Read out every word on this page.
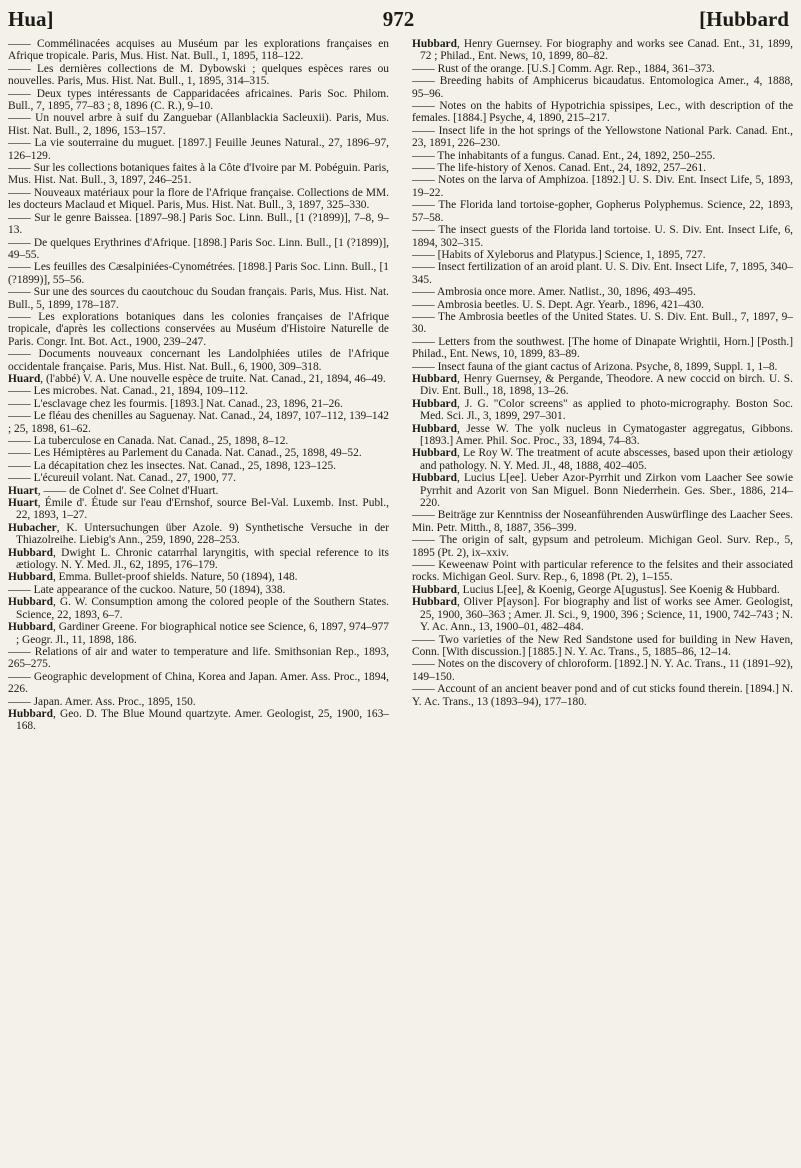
Hua]	972	[Hubbard

—— Commélinacées acquises au Muséum par les explorations françaises en Afrique tropicale. Paris, Mus. Hist. Nat. Bull., 1, 1895, 118–122.

—— Les dernières collections de M. Dybowski ; quelques espèces rares ou nouvelles. Paris, Mus. Hist. Nat. Bull., 1, 1895, 314–315.

—— Deux types intéressants de Capparidacées africaines. Paris Soc. Philom. Bull., 7, 1895, 77–83 ; 8, 1896 (C. R.), 9–10.

—— Un nouvel arbre à suif du Zanguebar (Allanblackia Sacleuxii). Paris, Mus. Hist. Nat. Bull., 2, 1896, 153–157.

—— La vie souterraine du muguet. [1897.] Feuille Jeunes Natural., 27, 1896–97, 126–129.

—— Sur les collections botaniques faites à la Côte d'Ivoire par M. Pobéguin. Paris, Mus. Hist. Nat. Bull., 3, 1897, 246–251.

—— Nouveaux matériaux pour la flore de l'Afrique française. Collections de MM. les docteurs Maclaud et Miquel. Paris, Mus. Hist. Nat. Bull., 3, 1897, 325–330.

—— Sur le genre Baissea. [1897–98.] Paris Soc. Linn. Bull., [1 (?1899)], 7–8, 9–13.

—— De quelques Erythrines d'Afrique. [1898.] Paris Soc. Linn. Bull., [1 (?1899)], 49–55.

—— Les feuilles des Cæsalpiniées-Cynométrées. [1898.] Paris Soc. Linn. Bull., [1 (?1899)], 55–56.

—— Sur une des sources du caoutchouc du Soudan français. Paris, Mus. Hist. Nat. Bull., 5, 1899, 178–187.

—— Les explorations botaniques dans les colonies françaises de l'Afrique tropicale, d'après les collections conservées au Muséum d'Histoire Naturelle de Paris. Congr. Int. Bot. Act., 1900, 239–247.

—— Documents nouveaux concernant les Landolphiées utiles de l'Afrique occidentale française. Paris, Mus. Hist. Nat. Bull., 6, 1900, 309–318.

Huard, (l'abbé) V. A. Une nouvelle espèce de truite. Nat. Canad., 21, 1894, 46–49.

—— Les microbes. Nat. Canad., 21, 1894, 109–112.

—— L'esclavage chez les fourmis. [1893.] Nat. Canad., 23, 1896, 21–26.

—— Le fléau des chenilles au Saguenay. Nat. Canad., 24, 1897, 107–112, 139–142 ; 25, 1898, 61–62.

—— La tuberculose en Canada. Nat. Canad., 25, 1898, 8–12.

—— Les Hémiptères au Parlement du Canada. Nat. Canad., 25, 1898, 49–52.

—— La décapitation chez les insectes. Nat. Canad., 25, 1898, 123–125.

—— L'écureuil volant. Nat. Canad., 27, 1900, 77.

Huart, —— de Colnet d'. See Colnet d'Huart.

Huart, Émile d'. Étude sur l'eau d'Ernshof, source Bel-Val. Luxemb. Inst. Publ., 22, 1893, 1–27.

Hubacher, K. Untersuchungen über Azole. 9) Synthetische Versuche in der Thiazolreihe. Liebig's Ann., 259, 1890, 228–253.

Hubbard, Dwight L. Chronic catarrhal laryngitis, with special reference to its ætiology. N. Y. Med. Jl., 62, 1895, 176–179.

Hubbard, Emma. Bullet-proof shields. Nature, 50 (1894), 148.

—— Late appearance of the cuckoo. Nature, 50 (1894), 338.

Hubbard, G. W. Consumption among the colored people of the Southern States. Science, 22, 1893, 6–7.

Hubbard, Gardiner Greene. For biographical notice see Science, 6, 1897, 974–977 ; Geogr. Jl., 11, 1898, 186.

—— Relations of air and water to temperature and life. Smithsonian Rep., 1893, 265–275.

—— Geographic development of China, Korea and Japan. Amer. Ass. Proc., 1894, 226.

—— Japan. Amer. Ass. Proc., 1895, 150.

Hubbard, Geo. D. The Blue Mound quartzyte. Amer. Geologist, 25, 1900, 163–168.

Hubbard, Henry Guernsey. For biography and works see Canad. Ent., 31, 1899, 72 ; Philad., Ent. News, 10, 1899, 80–82.

—— Rust of the orange. [U.S.] Comm. Agr. Rep., 1884, 361–373.

—— Breeding habits of Amphicerus bicaudatus. Entomologica Amer., 4, 1888, 95–96.

—— Notes on the habits of Hypotrichia spissipes, Lec., with description of the females. [1884.] Psyche, 4, 1890, 215–217.

—— Insect life in the hot springs of the Yellowstone National Park. Canad. Ent., 23, 1891, 226–230.

—— The inhabitants of a fungus. Canad. Ent., 24, 1892, 250–255.

—— The life-history of Xenos. Canad. Ent., 24, 1892, 257–261.

—— Notes on the larva of Amphizoa. [1892.] U. S. Div. Ent. Insect Life, 5, 1893, 19–22.

—— The Florida land tortoise-gopher, Gopherus Polyphemus. Science, 22, 1893, 57–58.

—— The insect guests of the Florida land tortoise. U. S. Div. Ent. Insect Life, 6, 1894, 302–315.

—— [Habits of Xyleborus and Platypus.] Science, 1, 1895, 727.

—— Insect fertilization of an aroid plant. U. S. Div. Ent. Insect Life, 7, 1895, 340–345.

—— Ambrosia once more. Amer. Natlist., 30, 1896, 493–495.

—— Ambrosia beetles. U. S. Dept. Agr. Yearb., 1896, 421–430.

—— The Ambrosia beetles of the United States. U. S. Div. Ent. Bull., 7, 1897, 9–30.

—— Letters from the southwest. [The home of Dinapate Wrightii, Horn.] [Posth.] Philad., Ent. News, 10, 1899, 83–89.

—— Insect fauna of the giant cactus of Arizona. Psyche, 8, 1899, Suppl. 1, 1–8.

Hubbard, Henry Guernsey, & Pergande, Theodore. A new coccid on birch. U. S. Div. Ent. Bull., 18, 1898, 13–26.

Hubbard, J. G. "Color screens" as applied to photo-micrography. Boston Soc. Med. Sci. Jl., 3, 1899, 297–301.

Hubbard, Jesse W. The yolk nucleus in Cymatogaster aggregatus, Gibbons. [1893.] Amer. Phil. Soc. Proc., 33, 1894, 74–83.

Hubbard, Le Roy W. The treatment of acute abscesses, based upon their ætiology and pathology. N. Y. Med. Jl., 48, 1888, 402–405.

Hubbard, Lucius L[ee]. Ueber Azor-Pyrrhit und Zirkon vom Laacher See sowie Pyrrhit and Azorit von San Miguel. Bonn Niederrhein. Ges. Sber., 1886, 214–220.

—— Beiträge zur Kenntniss der Noseanführenden Auswürflinge des Laacher Sees. Min. Petr. Mitth., 8, 1887, 356–399.

—— The origin of salt, gypsum and petroleum. Michigan Geol. Surv. Rep., 5, 1895 (Pt. 2), ix–xxiv.

—— Keweenaw Point with particular reference to the felsites and their associated rocks. Michigan Geol. Surv. Rep., 6, 1898 (Pt. 2), 1–155.

Hubbard, Lucius L[ee], & Koenig, George A[ugustus]. See Koenig & Hubbard.

Hubbard, Oliver P[ayson]. For biography and list of works see Amer. Geologist, 25, 1900, 360–363 ; Amer. Jl. Sci., 9, 1900, 396 ; Science, 11, 1900, 742–743 ; N. Y. Ac. Ann., 13, 1900–01, 482–484.

—— Two varieties of the New Red Sandstone used for building in New Haven, Conn. [With discussion.] [1885.] N. Y. Ac. Trans., 5, 1885–86, 12–14.

—— Notes on the discovery of chloroform. [1892.] N. Y. Ac. Trans., 11 (1891–92), 149–150.

—— Account of an ancient beaver pond and of cut sticks found therein. [1894.] N. Y. Ac. Trans., 13 (1893–94), 177–180.
